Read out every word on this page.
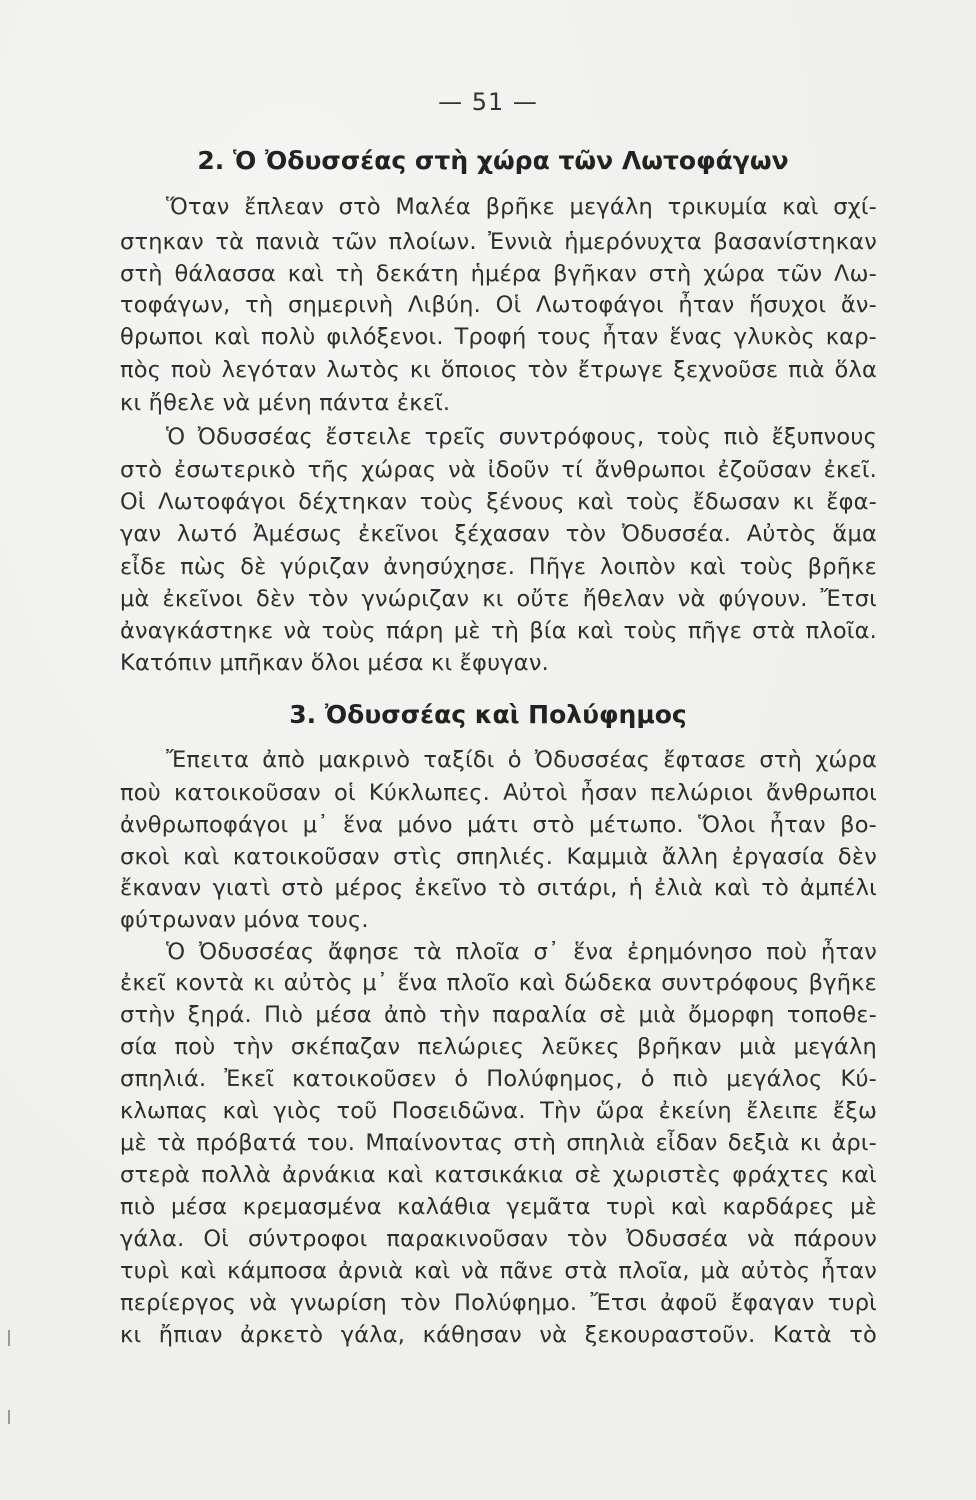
— 51 —
2. Ὁ Ὀδυσσέας στὴ χώρα τῶν Λωτοφάγων
Ὅταν ἔπλεαν στὸ Μαλέα βρῆκε μεγάλη τρικυμία καὶ σχί-
στηκαν τὰ πανιὰ τῶν πλοίων. Ἐννιὰ ἡμερόνυχτα βασανίστηκαν
στὴ θάλασσα καὶ τὴ δεκάτη ἡμέρα βγῆκαν στὴ χώρα τῶν Λω-
τοφάγων, τὴ σημερινὴ Λιβύη. Οἱ Λωτοφάγοι ἦταν ἥσυχοι ἄν-
θρωποι καὶ πολὺ φιλόξενοι. Τροφή τους ἦταν ἕνας γλυκὸς καρ-
πὸς ποὺ λεγόταν λωτὸς κι ὅποιος τὸν ἔτρωγε ξεχνοῦσε πιὰ ὅλα
κι ἤθελε νὰ μένη πάντα ἐκεῖ.
Ὁ Ὀδυσσέας ἔστειλε τρεῖς συντρόφους, τοὺς πιὸ ἔξυπνους
στὸ ἐσωτερικὸ τῆς χώρας νὰ ἰδοῦν τί ἄνθρωποι ἐζοῦσαν ἐκεῖ.
Οἱ Λωτοφάγοι δέχτηκαν τοὺς ξένους καὶ τοὺς ἔδωσαν κι ἔφα-
γαν λωτό Ἀμέσως ἐκεῖνοι ξέχασαν τὸν Ὀδυσσέα. Αὐτὸς ἅμα
εἶδε πὼς δὲ γύριζαν ἀνησύχησε. Πῆγε λοιπὸν καὶ τοὺς βρῆκε
μὰ ἐκεῖνοι δὲν τὸν γνώριζαν κι οὔτε ἤθελαν νὰ φύγουν. Ἔτσι
ἀναγκάστηκε νὰ τοὺς πάρη μὲ τὴ βία καὶ τοὺς πῆγε στὰ πλοῖα.
Κατόπιν μπῆκαν ὅλοι μέσα κι ἔφυγαν.
3. Ὀδυσσέας καὶ Πολύφημος
Ἔπειτα ἀπὸ μακρινὸ ταξίδι ὁ Ὀδυσσέας ἔφτασε στὴ χώρα
ποὺ κατοικοῦσαν οἱ Κύκλωπες. Αὐτοὶ ἦσαν πελώριοι ἄνθρωποι
ἀνθρωποφάγοι μ᾽ ἕνα μόνο μάτι στὸ μέτωπο. Ὅλοι ἦταν βο-
σκοὶ καὶ κατοικοῦσαν στὶς σπηλιές. Καμμιὰ ἄλλη ἐργασία δὲν
ἔκαναν γιατὶ στὸ μέρος ἐκεῖνο τὸ σιτάρι, ἡ ἐλιὰ καὶ τὸ ἀμπέλι
φύτρωναν μόνα τους.
Ὁ Ὀδυσσέας ἄφησε τὰ πλοῖα σ᾽ ἕνα ἐρημόνησο ποὺ ἦταν
ἐκεῖ κοντὰ κι αὐτὸς μ᾽ ἕνα πλοῖο καὶ δώδεκα συντρόφους βγῆκε
στὴν ξηρά. Πιὸ μέσα ἀπὸ τὴν παραλία σὲ μιὰ ὄμορφη τοποθε-
σία ποὺ τὴν σκέπαζαν πελώριες λεῦκες βρῆκαν μιὰ μεγάλη
σπηλιά. Ἐκεῖ κατοικοῦσεν ὁ Πολύφημος, ὁ πιὸ μεγάλος Κύ-
κλωπας καὶ γιὸς τοῦ Ποσειδῶνα. Τὴν ὥρα ἐκείνη ἔλειπε ἔξω
μὲ τὰ πρόβατά του. Μπαίνοντας στὴ σπηλιὰ εἶδαν δεξιὰ κι ἀρι-
στερὰ πολλὰ ἀρνάκια καὶ κατσικάκια σὲ χωριστὲς φράχτες καὶ
πιὸ μέσα κρεμασμένα καλάθια γεμᾶτα τυρὶ καὶ καρδάρες μὲ
γάλα. Οἱ σύντροφοι παρακινοῦσαν τὸν Ὀδυσσέα νὰ πάρουν
τυρὶ καὶ κάμποσα ἀρνιὰ καὶ νὰ πᾶνε στὰ πλοῖα, μὰ αὐτὸς ἦταν
περίεργος νὰ γνωρίση τὸν Πολύφημο. Ἔτσι ἀφοῦ ἔφαγαν τυρὶ
κι ἤπιαν ἀρκετὸ γάλα, κάθησαν νὰ ξεκουραστοῦν. Κατὰ τὸ
